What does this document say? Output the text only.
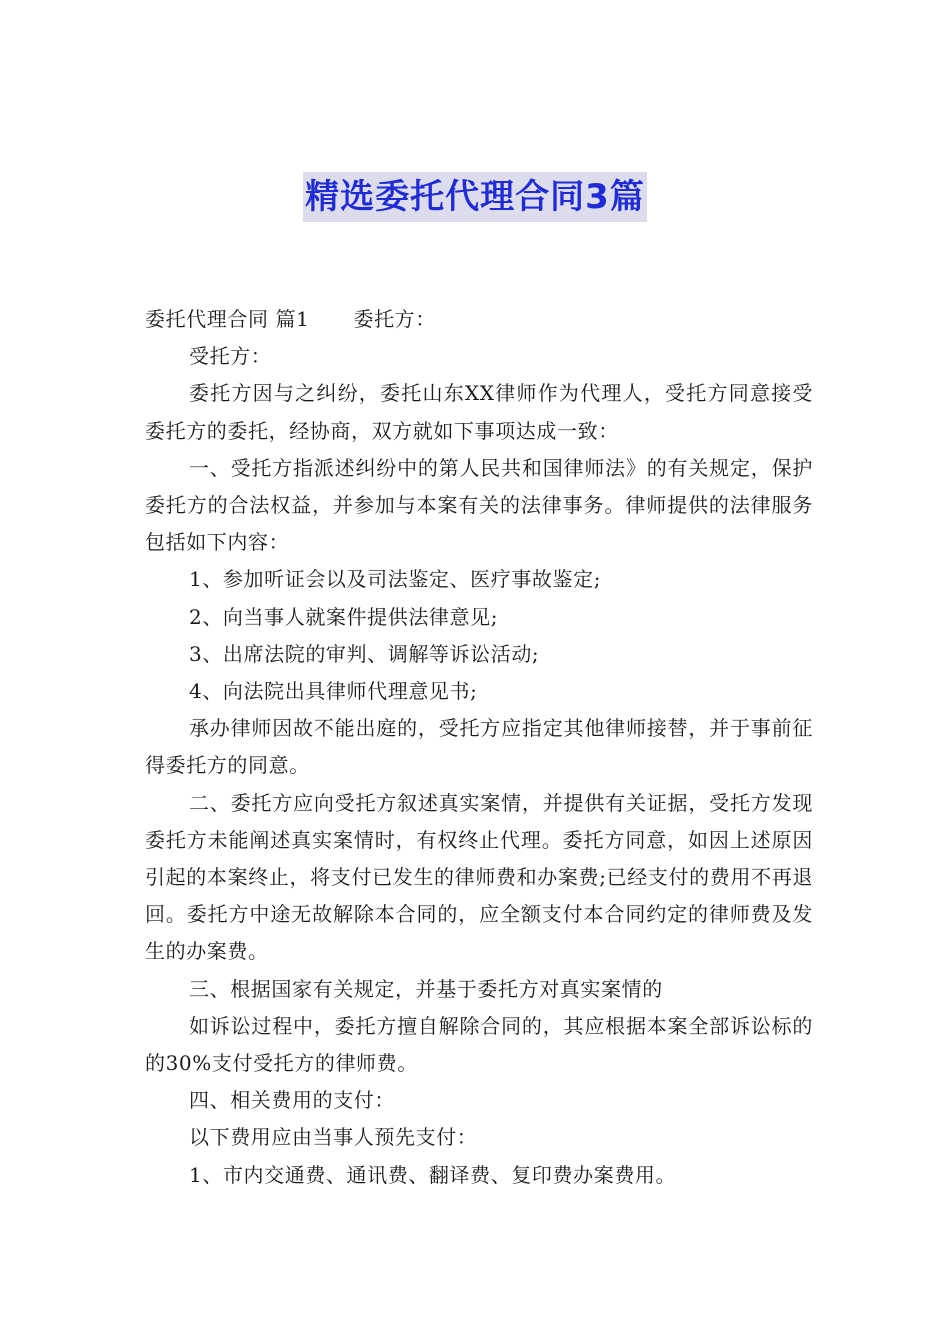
精选委托代理合同3篇

委托代理合同 篇1 委托方：

受托方：

委托方因与之纠纷，委托山东XX律师作为代理人，受托方同意接受委托方的委托，经协商，双方就如下事项达成一致：

一、受托方指派述纠纷中的第人民共和国律师法》的有关规定，保护委托方的合法权益，并参加与本案有关的法律事务。律师提供的法律服务包括如下内容：

1、参加听证会以及司法鉴定、医疗事故鉴定;

2、向当事人就案件提供法律意见;

3、出席法院的审判、调解等诉讼活动;

4、向法院出具律师代理意见书;

承办律师因故不能出庭的，受托方应指定其他律师接替，并于事前征得委托方的同意。

二、委托方应向受托方叙述真实案情，并提供有关证据，受托方发现委托方未能阐述真实案情时，有权终止代理。委托方同意，如因上述原因引起的本案终止，将支付已发生的律师费和办案费;已经支付的费用不再退回。委托方中途无故解除本合同的，应全额支付本合同约定的律师费及发生的办案费。

三、根据国家有关规定，并基于委托方对真实案情的

如诉讼过程中，委托方擅自解除合同的，其应根据本案全部诉讼标的的30%支付受托方的律师费。

四、相关费用的支付：

以下费用应由当事人预先支付：

1、市内交通费、通讯费、翻译费、复印费办案费用。
